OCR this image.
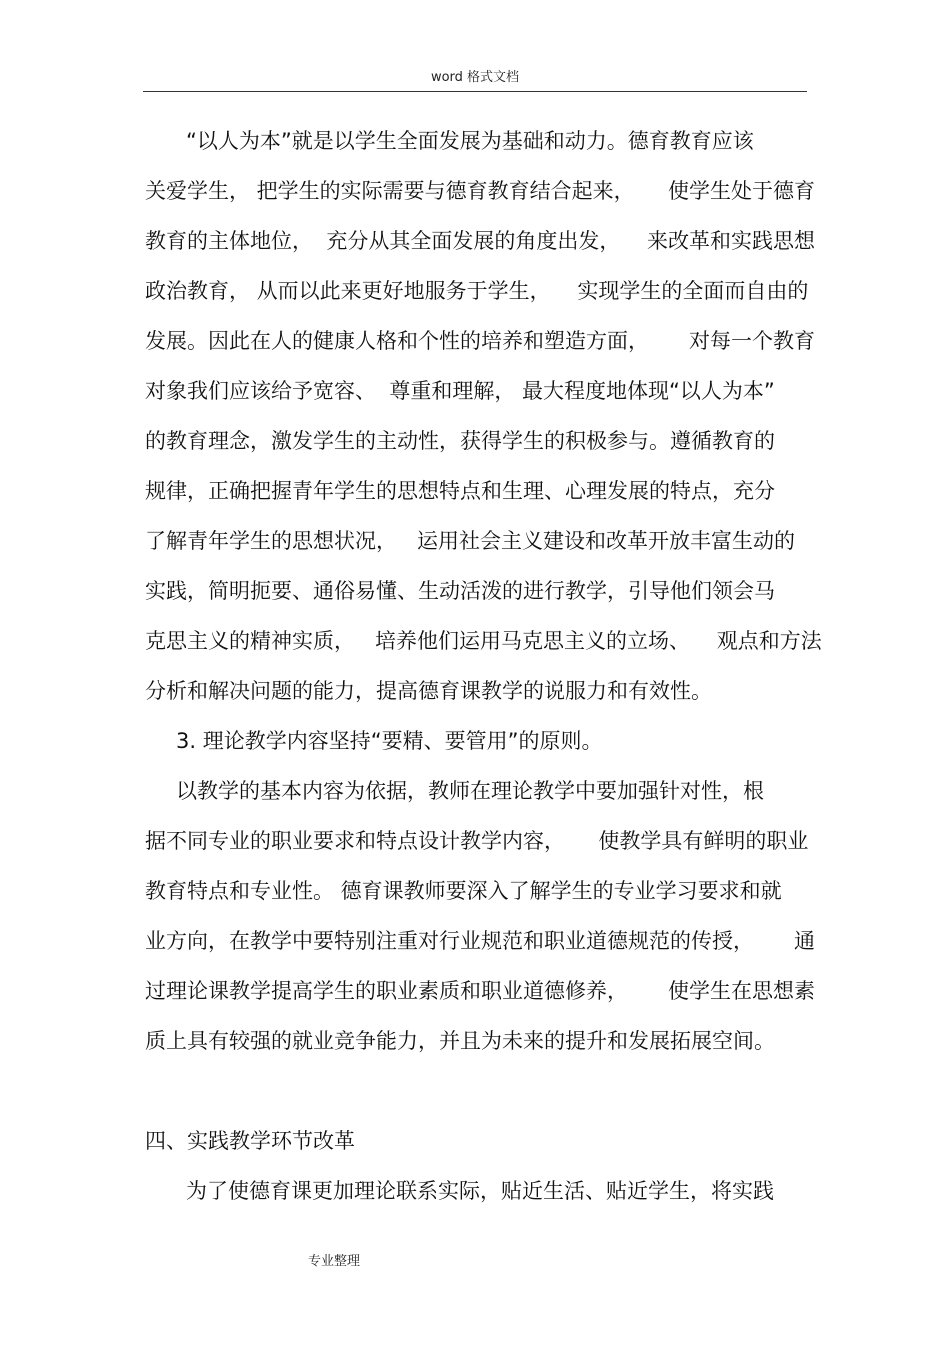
word 格式文档
“以人为本”就是以学生全面发展为基础和动力。德育教育应该
关爱学生， 把学生的实际需要与德育教育结合起来，     使学生处于德育
教育的主体地位，  充分从其全面发展的角度出发，    来改革和实践思想
政治教育， 从而以此来更好地服务于学生，    实现学生的全面而自由的
发展。因此在人的健康人格和个性的培养和塑造方面，      对每一个教育
对象我们应该给予宽容、  尊重和理解， 最大程度地体现“以人为本”
的教育理念，激发学生的主动性，获得学生的积极参与。遵循教育的
规律，正确把握青年学生的思想特点和生理、心理发展的特点，充分
了解青年学生的思想状况，   运用社会主义建设和改革开放丰富生动的
实践，简明扼要、通俗易懂、生动活泼的进行教学，引导他们领会马
克思主义的精神实质，   培养他们运用马克思主义的立场、    观点和方法
分析和解决问题的能力，提高德育课教学的说服力和有效性。
3. 理论教学内容坚持“要精、要管用”的原则。
以教学的基本内容为依据，教师在理论教学中要加强针对性，根
据不同专业的职业要求和特点设计教学内容，     使教学具有鲜明的职业
教育特点和专业性。 德育课教师要深入了解学生的专业学习要求和就
业方向，在教学中要特别注重对行业规范和职业道德规范的传授，      通
过理论课教学提高学生的职业素质和职业道德修养，      使学生在思想素
质上具有较强的就业竞争能力，并且为未来的提升和发展拓展空间。
四、实践教学环节改革
为了使德育课更加理论联系实际，贴近生活、贴近学生，将实践
专业整理
